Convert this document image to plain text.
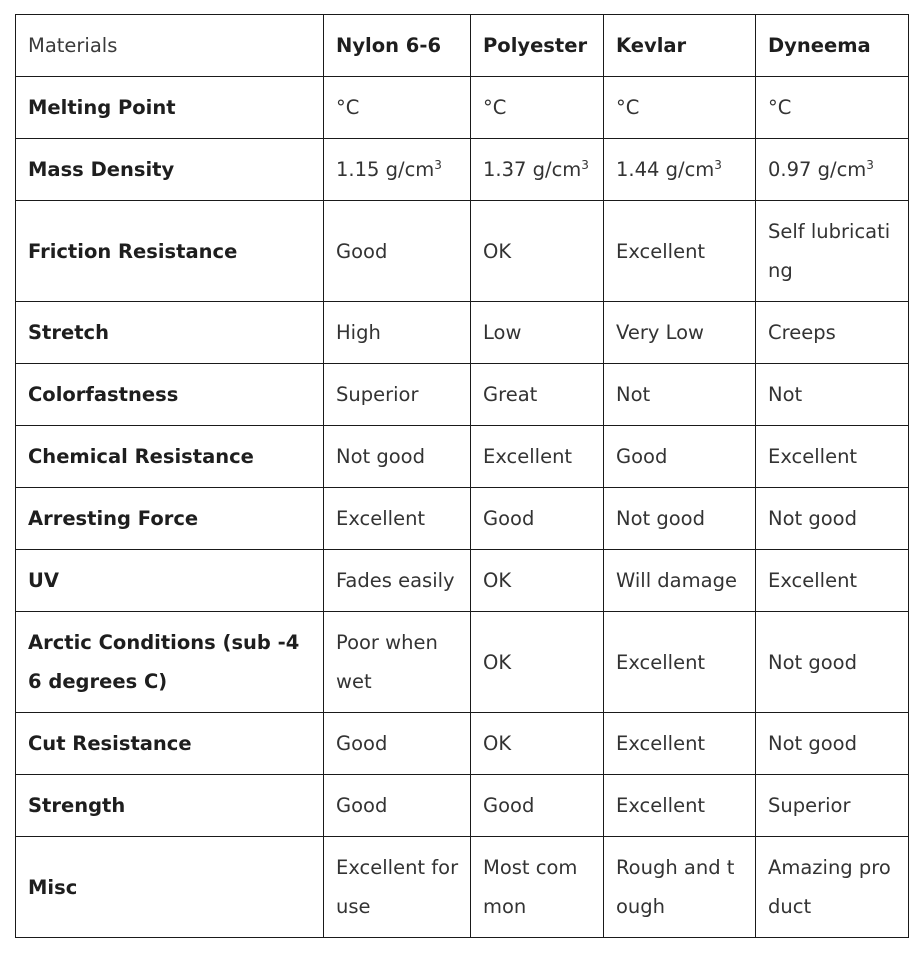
Materials	Nylon 6-6	Polyester	Kevlar	Dyneema
Melting Point	°C	°C	°C	°C
Mass Density	1.15 $g/cm^3$	1.37 $g/cm^3$	1.44 $g/cm^3$	0.97 $g/cm^3$
Friction Resistance	Good	OK	Excellent	Self lubricating
Stretch	High	Low	Very Low	Creeps
Colorfastness	Superior	Great	Not	Not
Chemical Resistance	Not good	Excellent	Good	Excellent
Arresting Force	Excellent	Good	Not good	Not good
UV	Fades easily	OK	Will damage	Excellent
Arctic Conditions (sub -46 degrees C)	Poor when wet	OK	Excellent	Not good
Cut Resistance	Good	OK	Excellent	Not good
Strength	Good	Good	Excellent	Superior
Misc	Excellent for use	Most common	Rough and tough	Amazing product
